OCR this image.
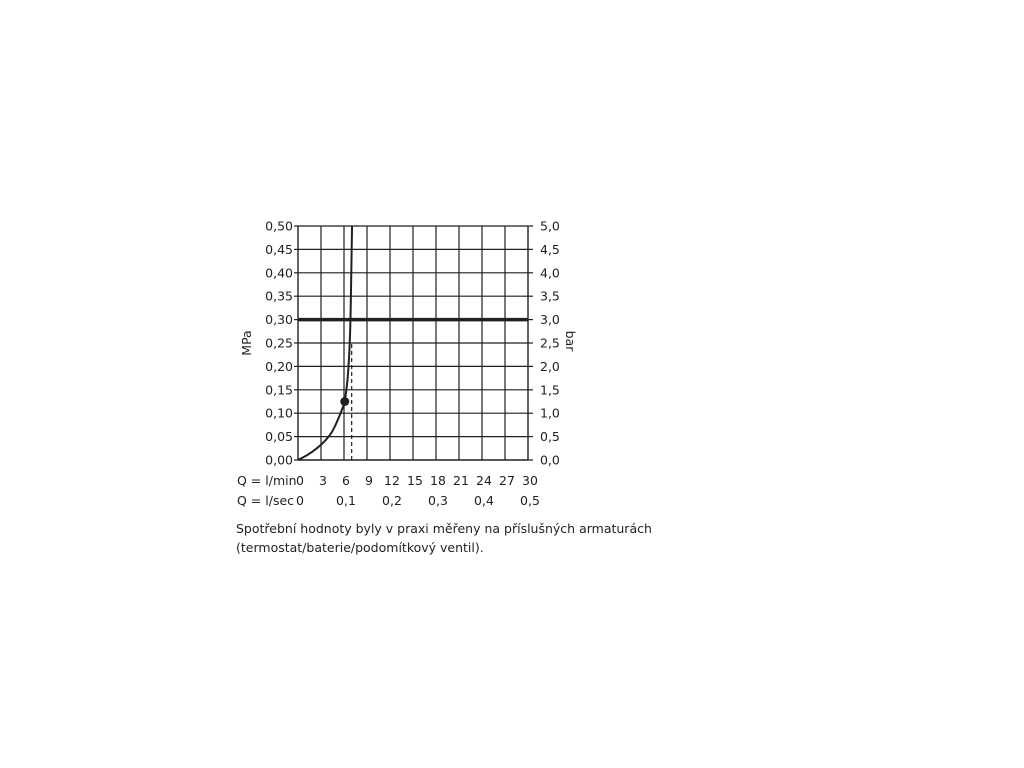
0,00
0,05
0,10
0,15
0,20
0,25
0,30
0,35
0,40
0,45
0,50
0,0
0,5
1,0
1,5
2,0
2,5
3,0
3,5
4,0
4,5
5,0
0 3 6 9 12 15 18 21 24 27 30
0	0,1 0,2 0,3 0,4 0,5
MPa	bar
Q = l/min
Q = l/sec

Spotřební hodnoty byly v praxi měřeny na příslušných armaturách (termostat/baterie/podomítkový ventil).
